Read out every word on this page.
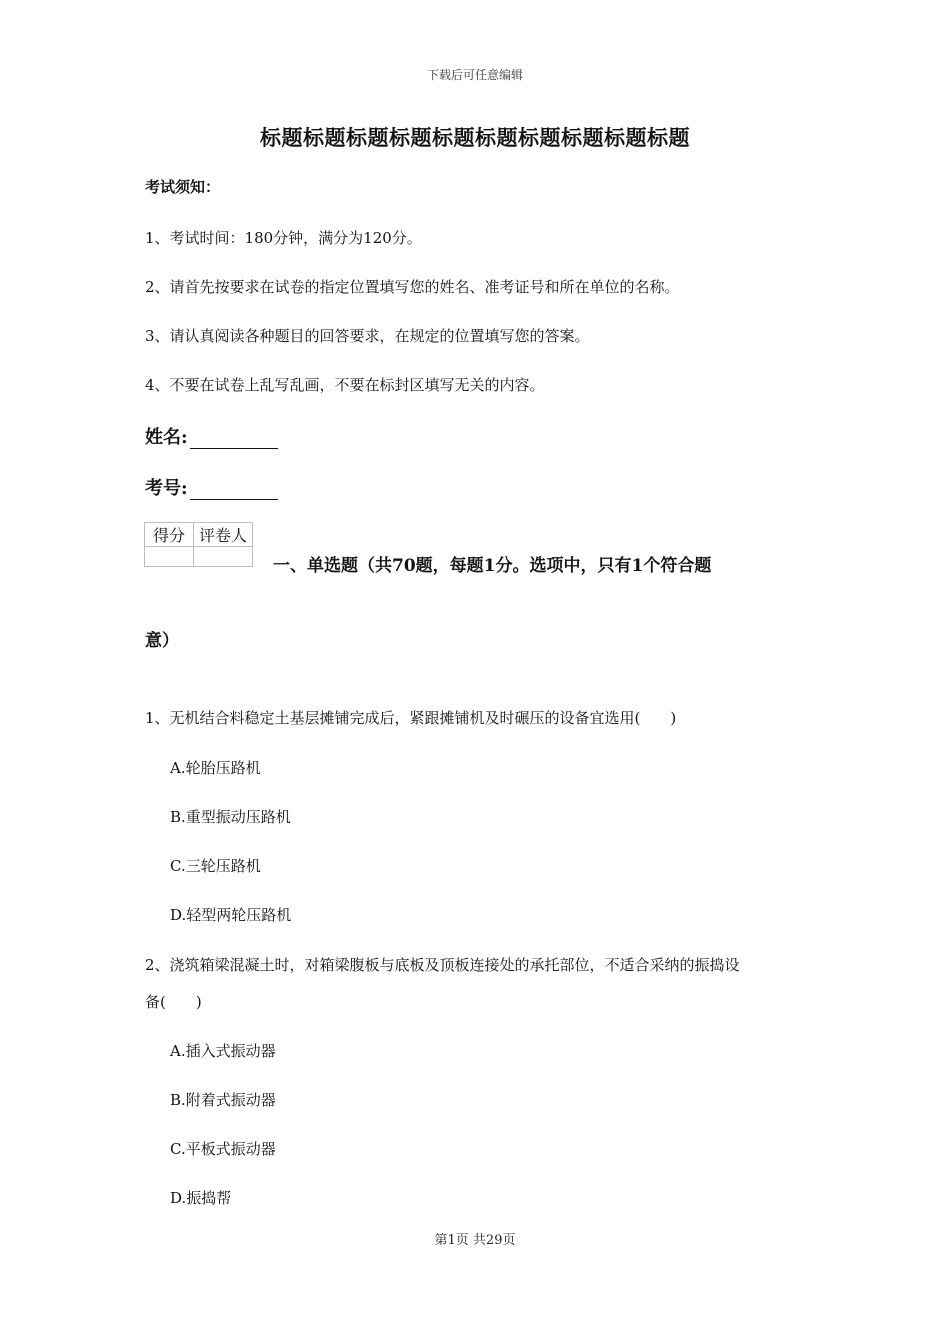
下载后可任意编辑
标题标题标题标题标题标题标题标题标题标题
考试须知：
1、考试时间：180分钟，满分为120分。
2、请首先按要求在试卷的指定位置填写您的姓名、准考证号和所在单位的名称。
3、请认真阅读各种题目的回答要求，在规定的位置填写您的答案。
4、不要在试卷上乱写乱画，不要在标封区填写无关的内容。
姓名:
考号:
得分	评卷人

一、单选题（共70题，每题1分。选项中，只有1个符合题
意）
1、无机结合料稳定土基层摊铺完成后，紧跟摊铺机及时碾压的设备宜选用(　　)
A.轮胎压路机
B.重型振动压路机
C.三轮压路机
D.轻型两轮压路机
2、浇筑箱梁混凝土时，对箱梁腹板与底板及顶板连接处的承托部位，不适合采纳的振捣设
备(　　)
A.插入式振动器
B.附着式振动器
C.平板式振动器
D.振捣帮
第1页 共29页
